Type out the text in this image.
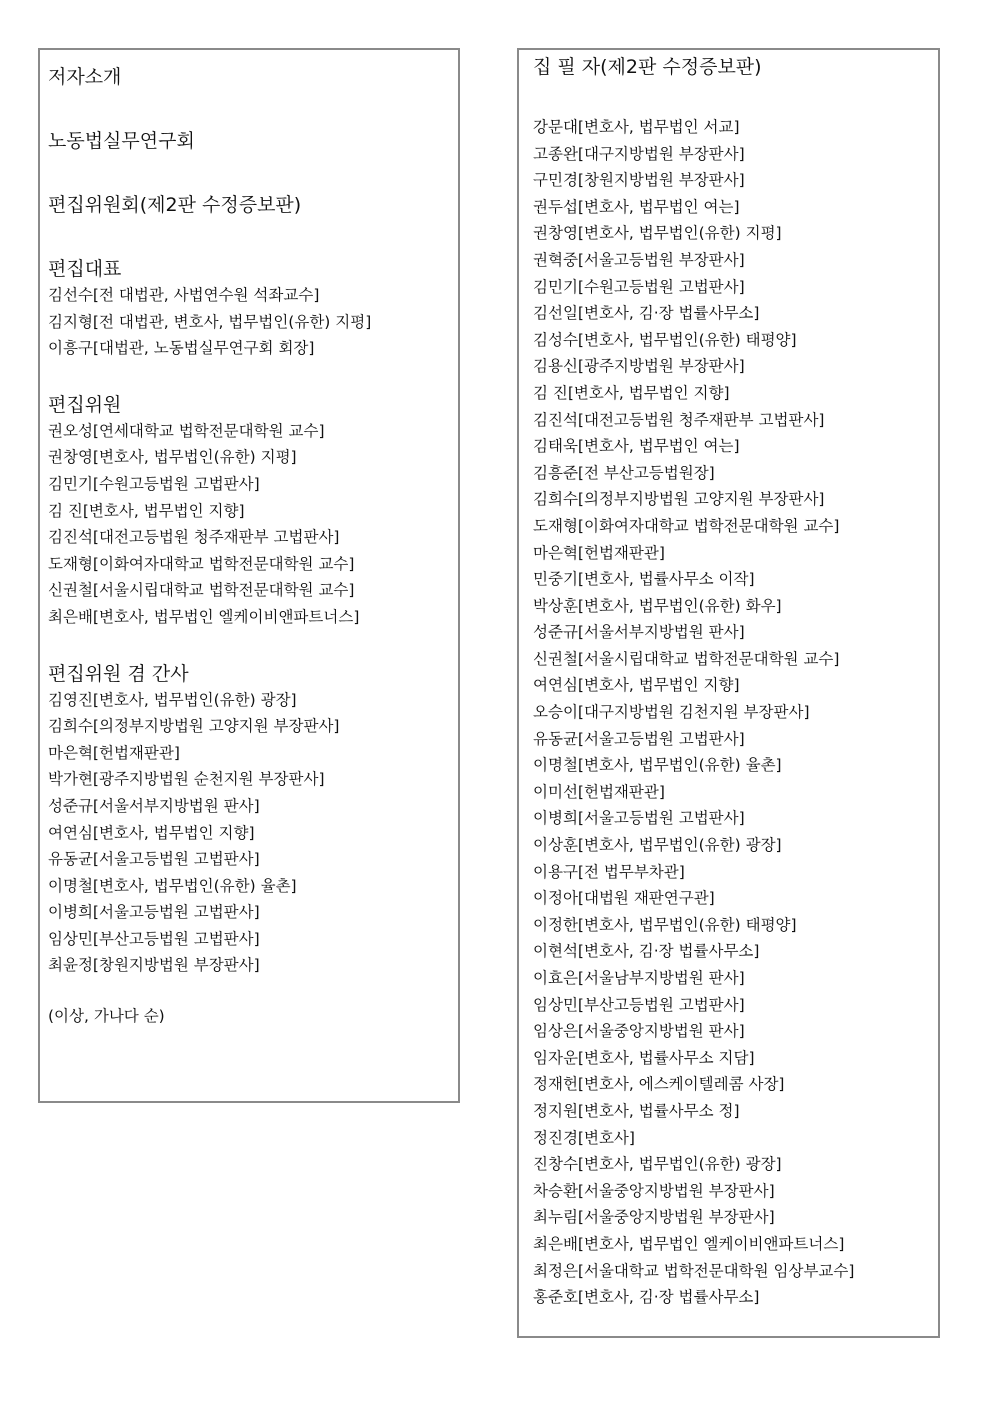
저자소개

노동법실무연구회

편집위원회(제2판 수정증보판)

편집대표

김선수[전 대법관, 사법연수원 석좌교수]

김지형[전 대법관, 변호사, 법무법인(유한) 지평]

이흥구[대법관, 노동법실무연구회 회장]

편집위원

권오성[연세대학교 법학전문대학원 교수]

권창영[변호사, 법무법인(유한) 지평]

김민기[수원고등법원 고법판사]

김 진[변호사, 법무법인 지향]

김진석[대전고등법원 청주재판부 고법판사]

도재형[이화여자대학교 법학전문대학원 교수]

신권철[서울시립대학교 법학전문대학원 교수]

최은배[변호사, 법무법인 엘케이비앤파트너스]

편집위원 겸 간사

김영진[변호사, 법무법인(유한) 광장]

김희수[의정부지방법원 고양지원 부장판사]

마은혁[헌법재판관]

박가현[광주지방법원 순천지원 부장판사]

성준규[서울서부지방법원 판사]

여연심[변호사, 법무법인 지향]

유동균[서울고등법원 고법판사]

이명철[변호사, 법무법인(유한) 율촌]

이병희[서울고등법원 고법판사]

임상민[부산고등법원 고법판사]

최윤정[창원지방법원 부장판사]

(이상, 가나다 순)

집 필 자(제2판 수정증보판)

강문대[변호사, 법무법인 서교]

고종완[대구지방법원 부장판사]

구민경[창원지방법원 부장판사]

권두섭[변호사, 법무법인 여는]

권창영[변호사, 법무법인(유한) 지평]

권혁중[서울고등법원 부장판사]

김민기[수원고등법원 고법판사]

김선일[변호사, 김·장 법률사무소]

김성수[변호사, 법무법인(유한) 태평양]

김용신[광주지방법원 부장판사]

김 진[변호사, 법무법인 지향]

김진석[대전고등법원 청주재판부 고법판사]

김태욱[변호사, 법무법인 여는]

김흥준[전 부산고등법원장]

김희수[의정부지방법원 고양지원 부장판사]

도재형[이화여자대학교 법학전문대학원 교수]

마은혁[헌법재판관]

민중기[변호사, 법률사무소 이작]

박상훈[변호사, 법무법인(유한) 화우]

성준규[서울서부지방법원 판사]

신권철[서울시립대학교 법학전문대학원 교수]

여연심[변호사, 법무법인 지향]

오승이[대구지방법원 김천지원 부장판사]

유동균[서울고등법원 고법판사]

이명철[변호사, 법무법인(유한) 율촌]

이미선[헌법재판관]

이병희[서울고등법원 고법판사]

이상훈[변호사, 법무법인(유한) 광장]

이용구[전 법무부차관]

이정아[대법원 재판연구관]

이정한[변호사, 법무법인(유한) 태평양]

이현석[변호사, 김·장 법률사무소]

이효은[서울남부지방법원 판사]

임상민[부산고등법원 고법판사]

임상은[서울중앙지방법원 판사]

임자운[변호사, 법률사무소 지담]

정재헌[변호사, 에스케이텔레콤 사장]

정지원[변호사, 법률사무소 정]

정진경[변호사]

진창수[변호사, 법무법인(유한) 광장]

차승환[서울중앙지방법원 부장판사]

최누림[서울중앙지방법원 부장판사]

최은배[변호사, 법무법인 엘케이비앤파트너스]

최정은[서울대학교 법학전문대학원 임상부교수]

홍준호[변호사, 김·장 법률사무소]
